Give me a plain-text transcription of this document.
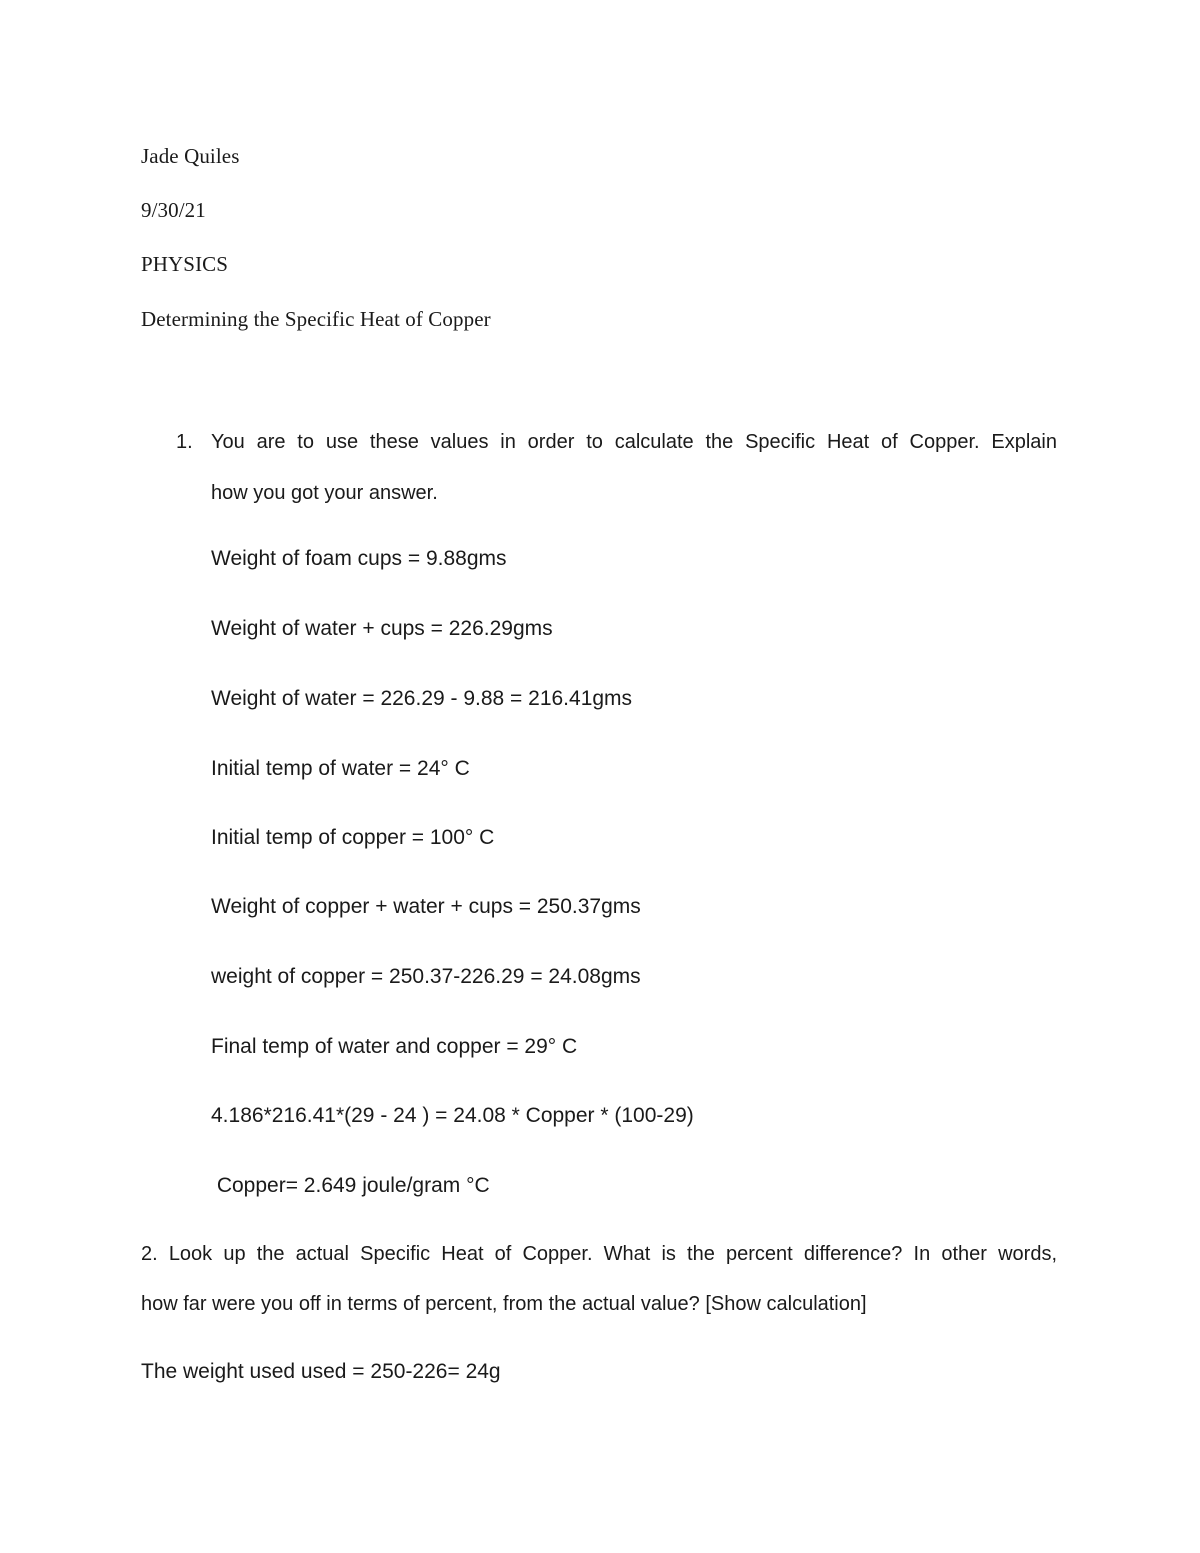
Jade Quiles
9/30/21
PHYSICS
Determining the Specific Heat of Copper
1. You are to use these values in order to calculate the Specific Heat of Copper. Explain
how you got your answer.
Weight of foam cups = 9.88gms
Weight of water + cups = 226.29gms
Weight of water = 226.29 - 9.88 = 216.41gms
Initial temp of water = 24° C
Initial temp of copper = 100° C
Weight of copper + water + cups = 250.37gms
weight of copper = 250.37-226.29 = 24.08gms
Final temp of water and copper = 29° C
4.186*216.41*(29 - 24 ) = 24.08 * Copper * (100-29)
Copper= 2.649 joule/gram °C
2. Look up the actual Specific Heat of Copper. What is the percent difference? In other words,
how far were you off in terms of percent, from the actual value? [Show calculation]
The weight used used = 250-226= 24g
